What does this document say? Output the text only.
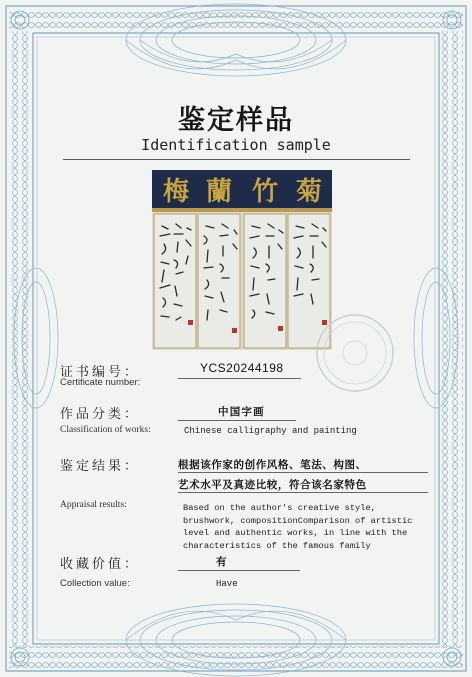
鉴定样品
Identification sample
梅 蘭 竹 菊
证书编号：	YCS20244198
Certificate number:
作品分类：	中国字画
Classification of works:	Chinese calligraphy and painting
鉴定结果：	根据该作家的创作风格、笔法、构图、
艺术水平及真迹比较，符合该名家特色
Appraisal results:	Based on the author's creative style,
brushwork, compositionComparison of artistic
level and authentic works, in line with the
characteristics of the famous family
收藏价值：	有
Collection value:	Have
